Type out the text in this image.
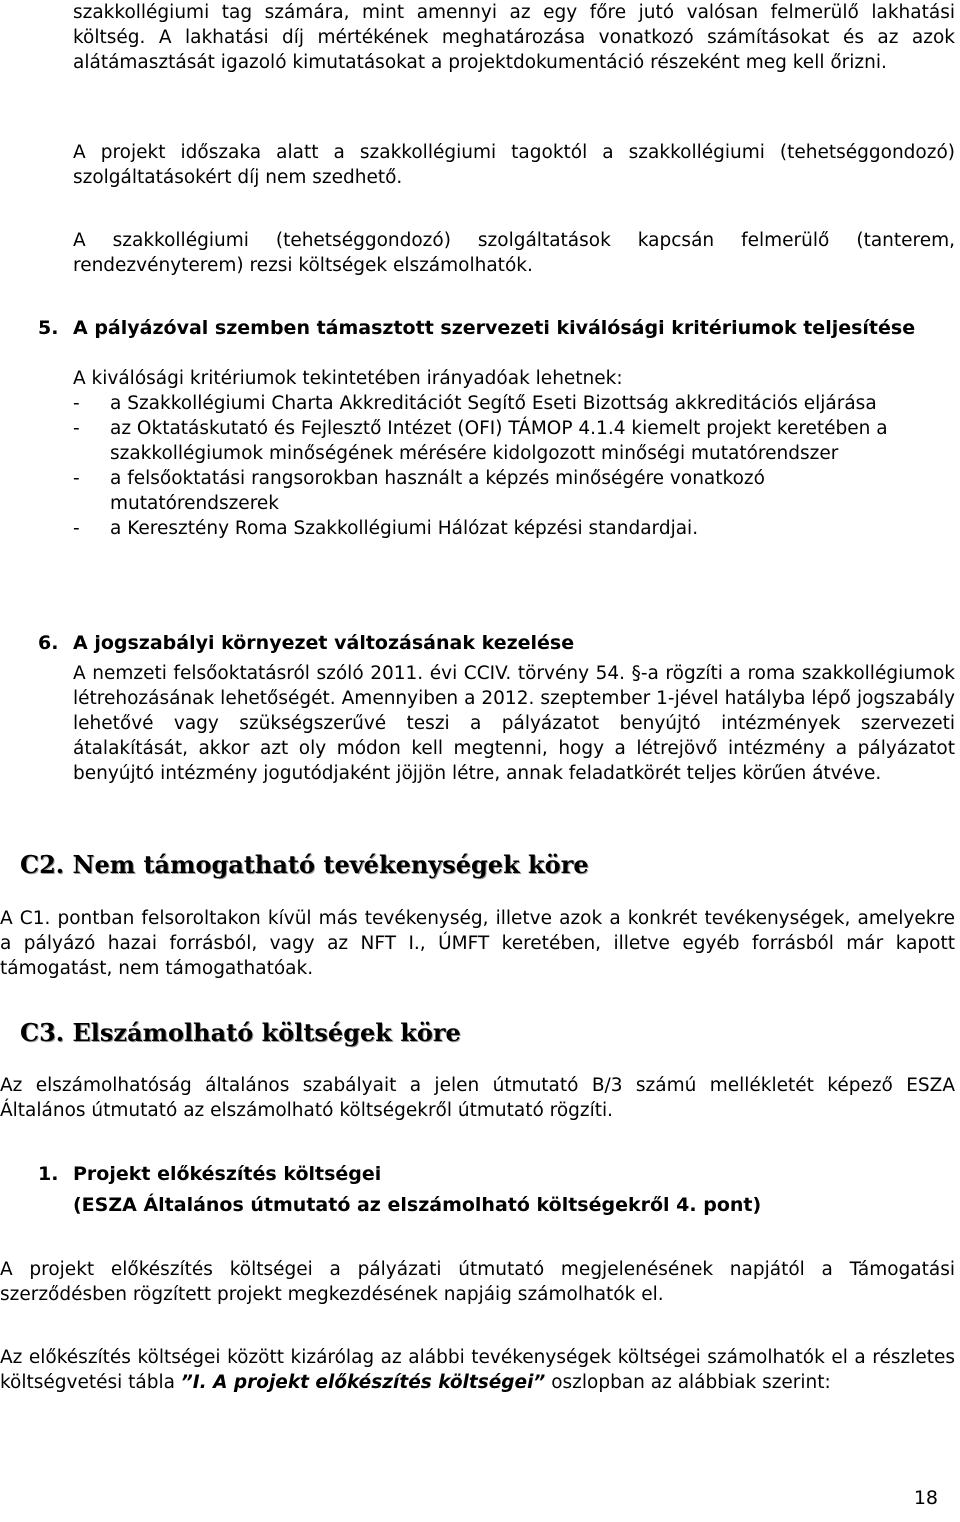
szakkollégiumi tag számára, mint amennyi az egy főre jutó valósan felmerülő lakhatási költség. A lakhatási díj mértékének meghatározása vonatkozó számításokat és az azok alátámasztását igazoló kimutatásokat a projektdokumentáció részeként meg kell őrizni.

A projekt időszaka alatt a szakkollégiumi tagoktól a szakkollégiumi (tehetséggondozó) szolgáltatásokért díj nem szedhető.

A szakkollégiumi (tehetséggondozó) szolgáltatások kapcsán felmerülő (tanterem, rendezvényterem) rezsi költségek elszámolhatók.

5. A pályázóval szemben támasztott szervezeti kiválósági kritériumok teljesítése
A kiválósági kritériumok tekintetében irányadóak lehetnek:
- a Szakkollégiumi Charta Akkreditációt Segítő Eseti Bizottság akkreditációs eljárása
- az Oktatáskutató és Fejlesztő Intézet (OFI) TÁMOP 4.1.4 kiemelt projekt keretében a szakkollégiumok minőségének mérésére kidolgozott minőségi mutatórendszer
- a felsőoktatási rangsorokban használt a képzés minőségére vonatkozó mutatórendszerek
- a Keresztény Roma Szakkollégiumi Hálózat képzési standardjai.
6. A jogszabályi környezet változásának kezelése

A nemzeti felsőoktatásról szóló 2011. évi CCIV. törvény 54. §-a rögzíti a roma szakkollégiumok létrehozásának lehetőségét. Amennyiben a 2012. szeptember 1-jével hatályba lépő jogszabály lehetővé vagy szükségszerűvé teszi a pályázatot benyújtó intézmények szervezeti átalakítását, akkor azt oly módon kell megtenni, hogy a létrejövő intézmény a pályázatot benyújtó intézmény jogutódjaként jöjjön létre, annak feladatkörét teljes körűen átvéve.

C2. Nem támogatható tevékenységek köre

A C1. pontban felsoroltakon kívül más tevékenység, illetve azok a konkrét tevékenységek, amelyekre a pályázó hazai forrásból, vagy az NFT I., ÚMFT keretében, illetve egyéb forrásból már kapott támogatást, nem támogathatóak.

C3. Elszámolható költségek köre

Az elszámolhatóság általános szabályait a jelen útmutató B/3 számú mellékletét képező ESZA Általános útmutató az elszámolható költségekről útmutató rögzíti.

1. Projekt előkészítés költségei
(ESZA Általános útmutató az elszámolható költségekről 4. pont)

A projekt előkészítés költségei a pályázati útmutató megjelenésének napjától a Támogatási szerződésben rögzített projekt megkezdésének napjáig számolhatók el.

Az előkészítés költségei között kizárólag az alábbi tevékenységek költségei számolhatók el a részletes költségvetési tábla ”I. A projekt előkészítés költségei” oszlopban az alábbiak szerint:

18
